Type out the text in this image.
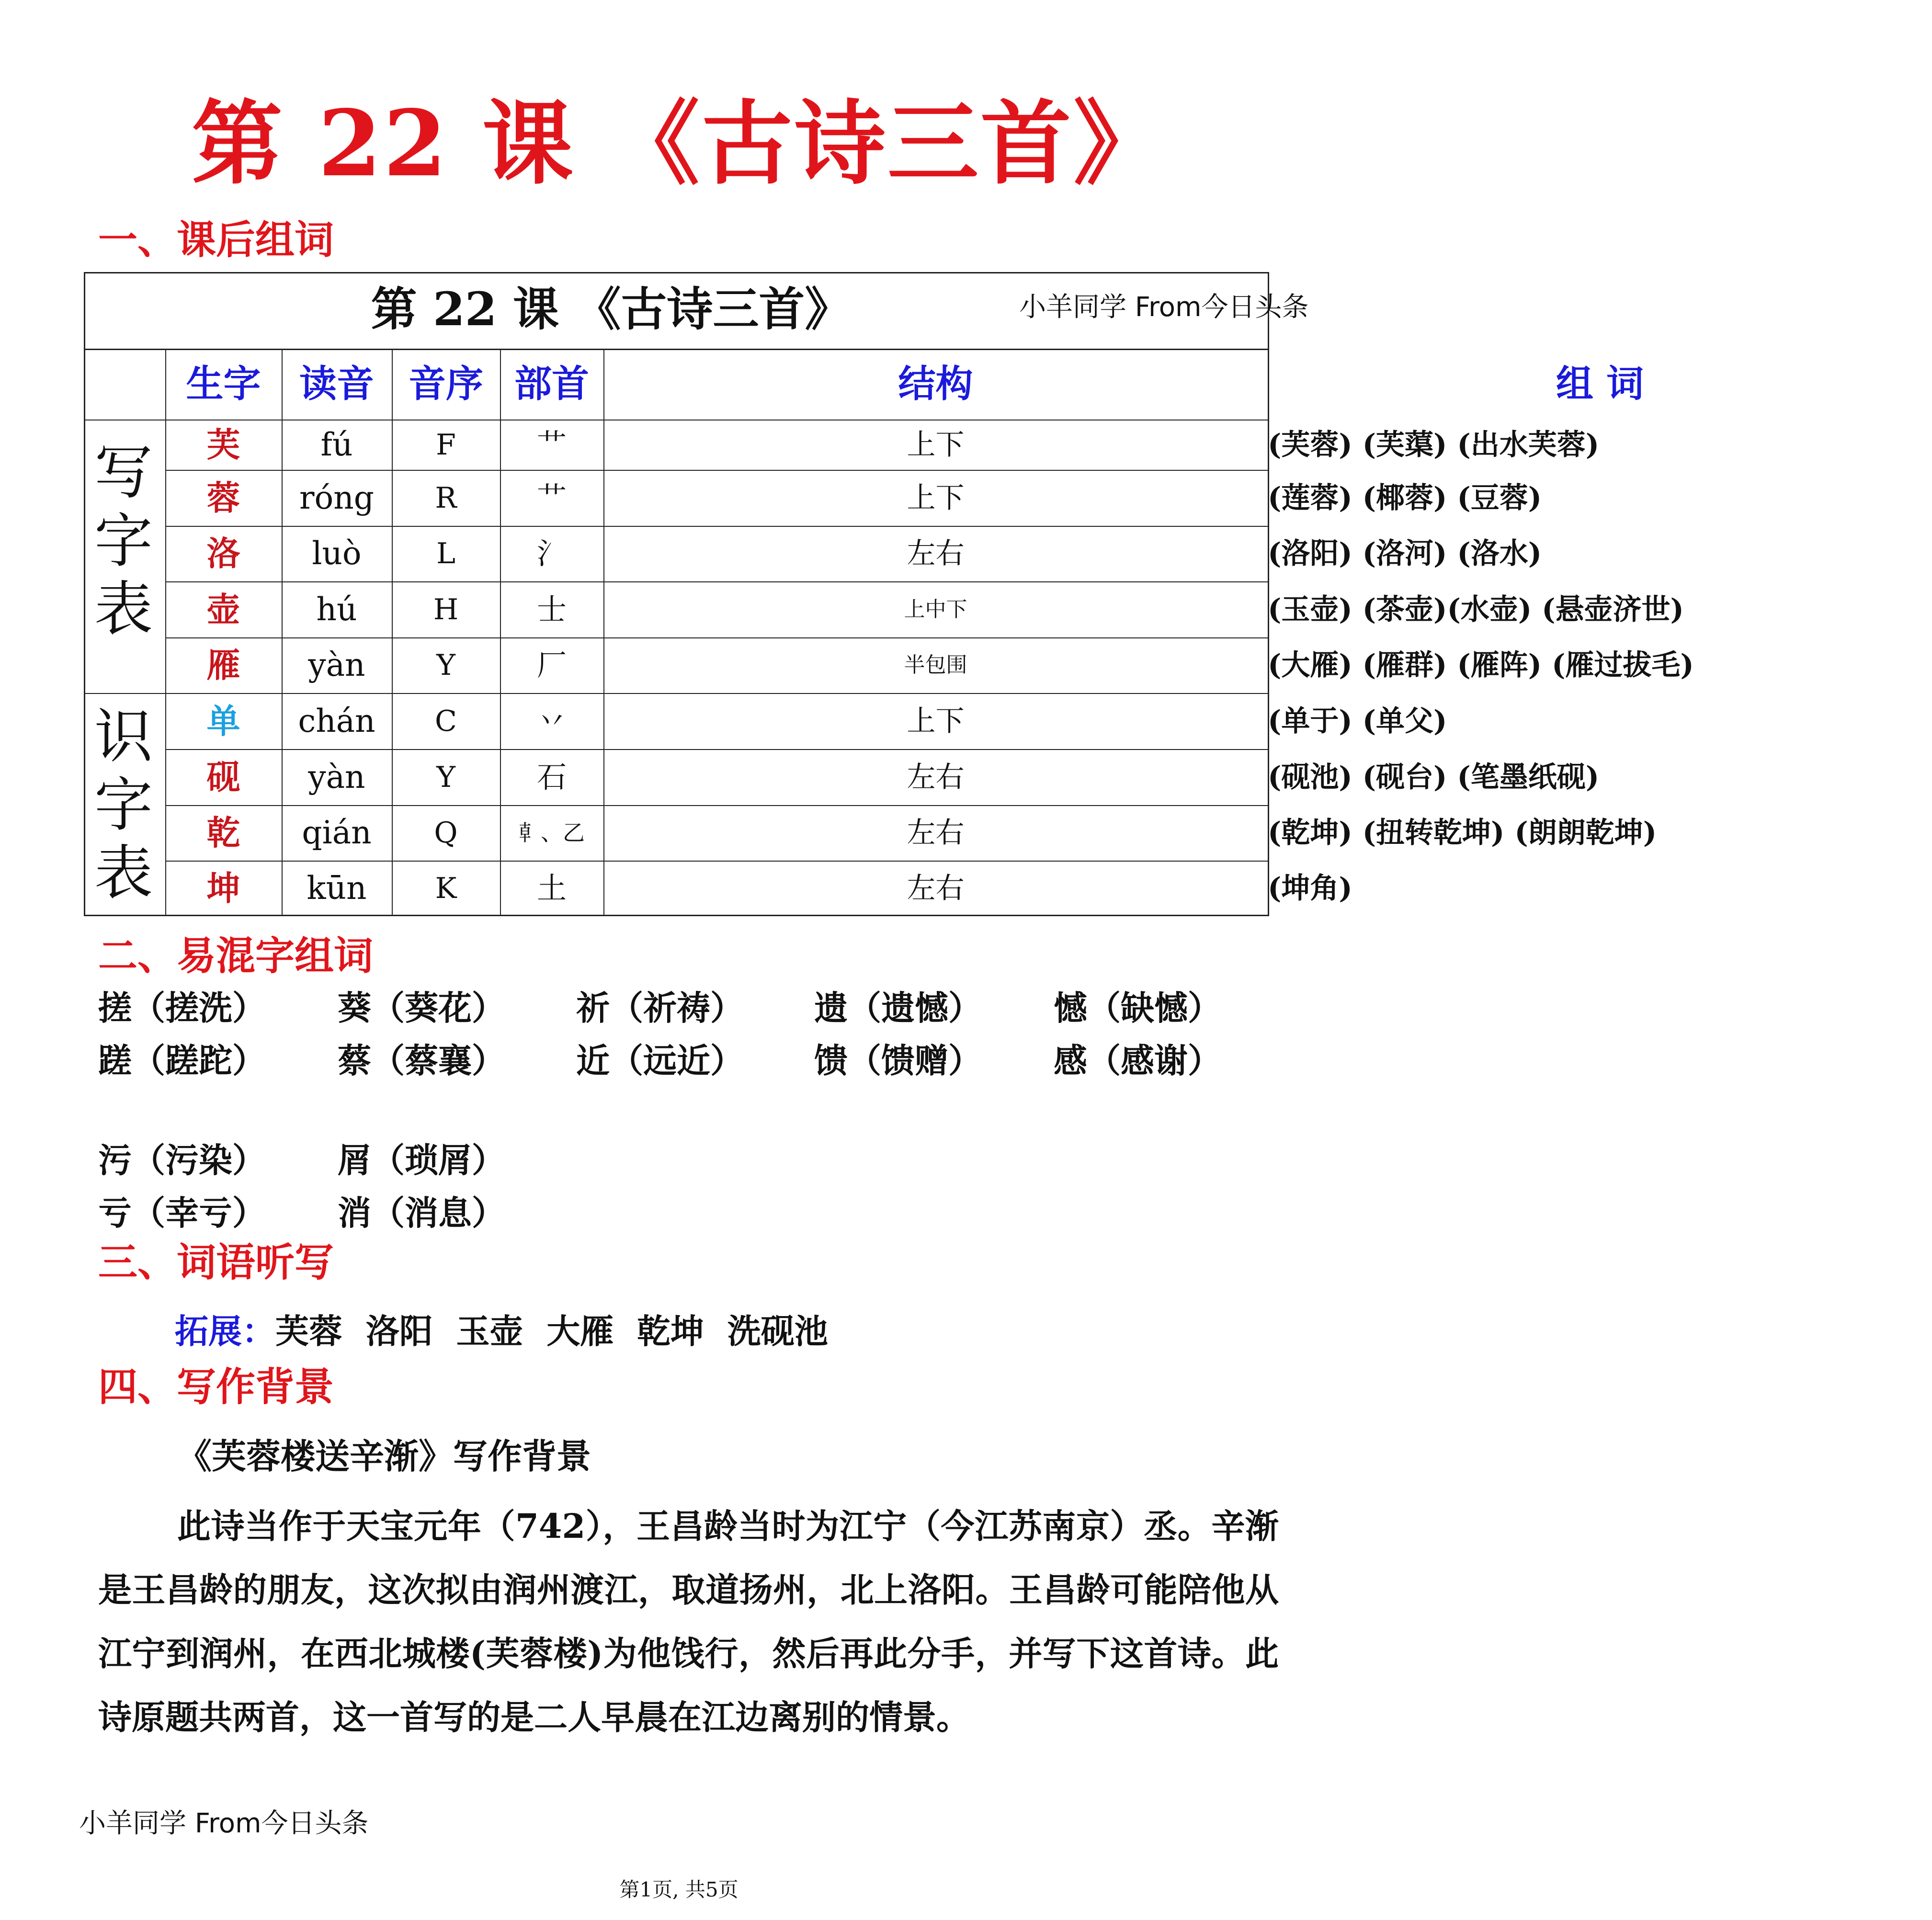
第 22 课 《古诗三首》
一、课后组词
第 22 课 《古诗三首》	小羊同学 From今日头条
生字	读音 音序 部首	结构	组 词
写字表
识字表
芙	fú	F	艹	上下	(芙蓉) (芙蕖) (出水芙蓉)
蓉	róng	R	艹	上下	(莲蓉) (椰蓉) (豆蓉)
洛	luò	L	氵	左右	(洛阳) (洛河) (洛水)
壶	hú	H	士	上中下	(玉壶) (茶壶)(水壶) (悬壶济世)
雁	yàn	Y	厂	半包围	(大雁) (雁群) (雁阵) (雁过拔毛)
单	chán	C	丷	上下	(单于) (单父)
砚	yàn	Y	石	左右	(砚池) (砚台) (笔墨纸砚)
乾	qián	Q	龺、乙	左右	(乾坤) (扭转乾坤) (朗朗乾坤)
坤	kūn	K	土	左右	(坤角)
二、易混字组词
搓（搓洗） 葵（葵花） 祈（祈祷） 遗（遗憾） 憾（缺憾）
蹉（蹉跎） 蔡（蔡襄） 近（远近） 馈（馈赠） 感（感谢）
污（污染） 屑（琐屑）
亏（幸亏） 消（消息）
三、词语听写
拓展：芙蓉  洛阳  玉壶  大雁  乾坤  洗砚池
四、写作背景
《芙蓉楼送辛渐》写作背景

此诗当作于天宝元年（742），王昌龄当时为江宁（今江苏南京）丞。辛渐是王昌龄的朋友，这次拟由润州渡江，取道扬州，北上洛阳。王昌龄可能陪他从江宁到润州，在西北城楼(芙蓉楼)为他饯行，然后再此分手，并写下这首诗。此诗原题共两首，这一首写的是二人早晨在江边离别的情景。

小羊同学 From今日头条
第1页, 共5页
